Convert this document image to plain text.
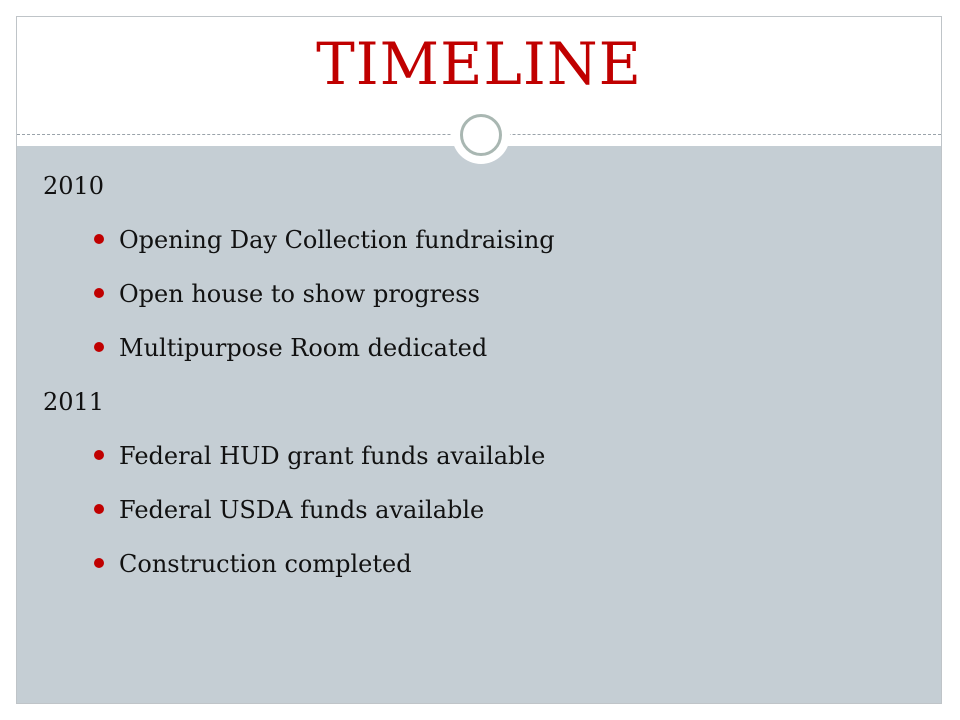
TIMELINE
2010
Opening Day Collection fundraising
Open house to show progress
Multipurpose Room dedicated
2011
Federal HUD grant funds available
Federal USDA funds available
Construction completed
